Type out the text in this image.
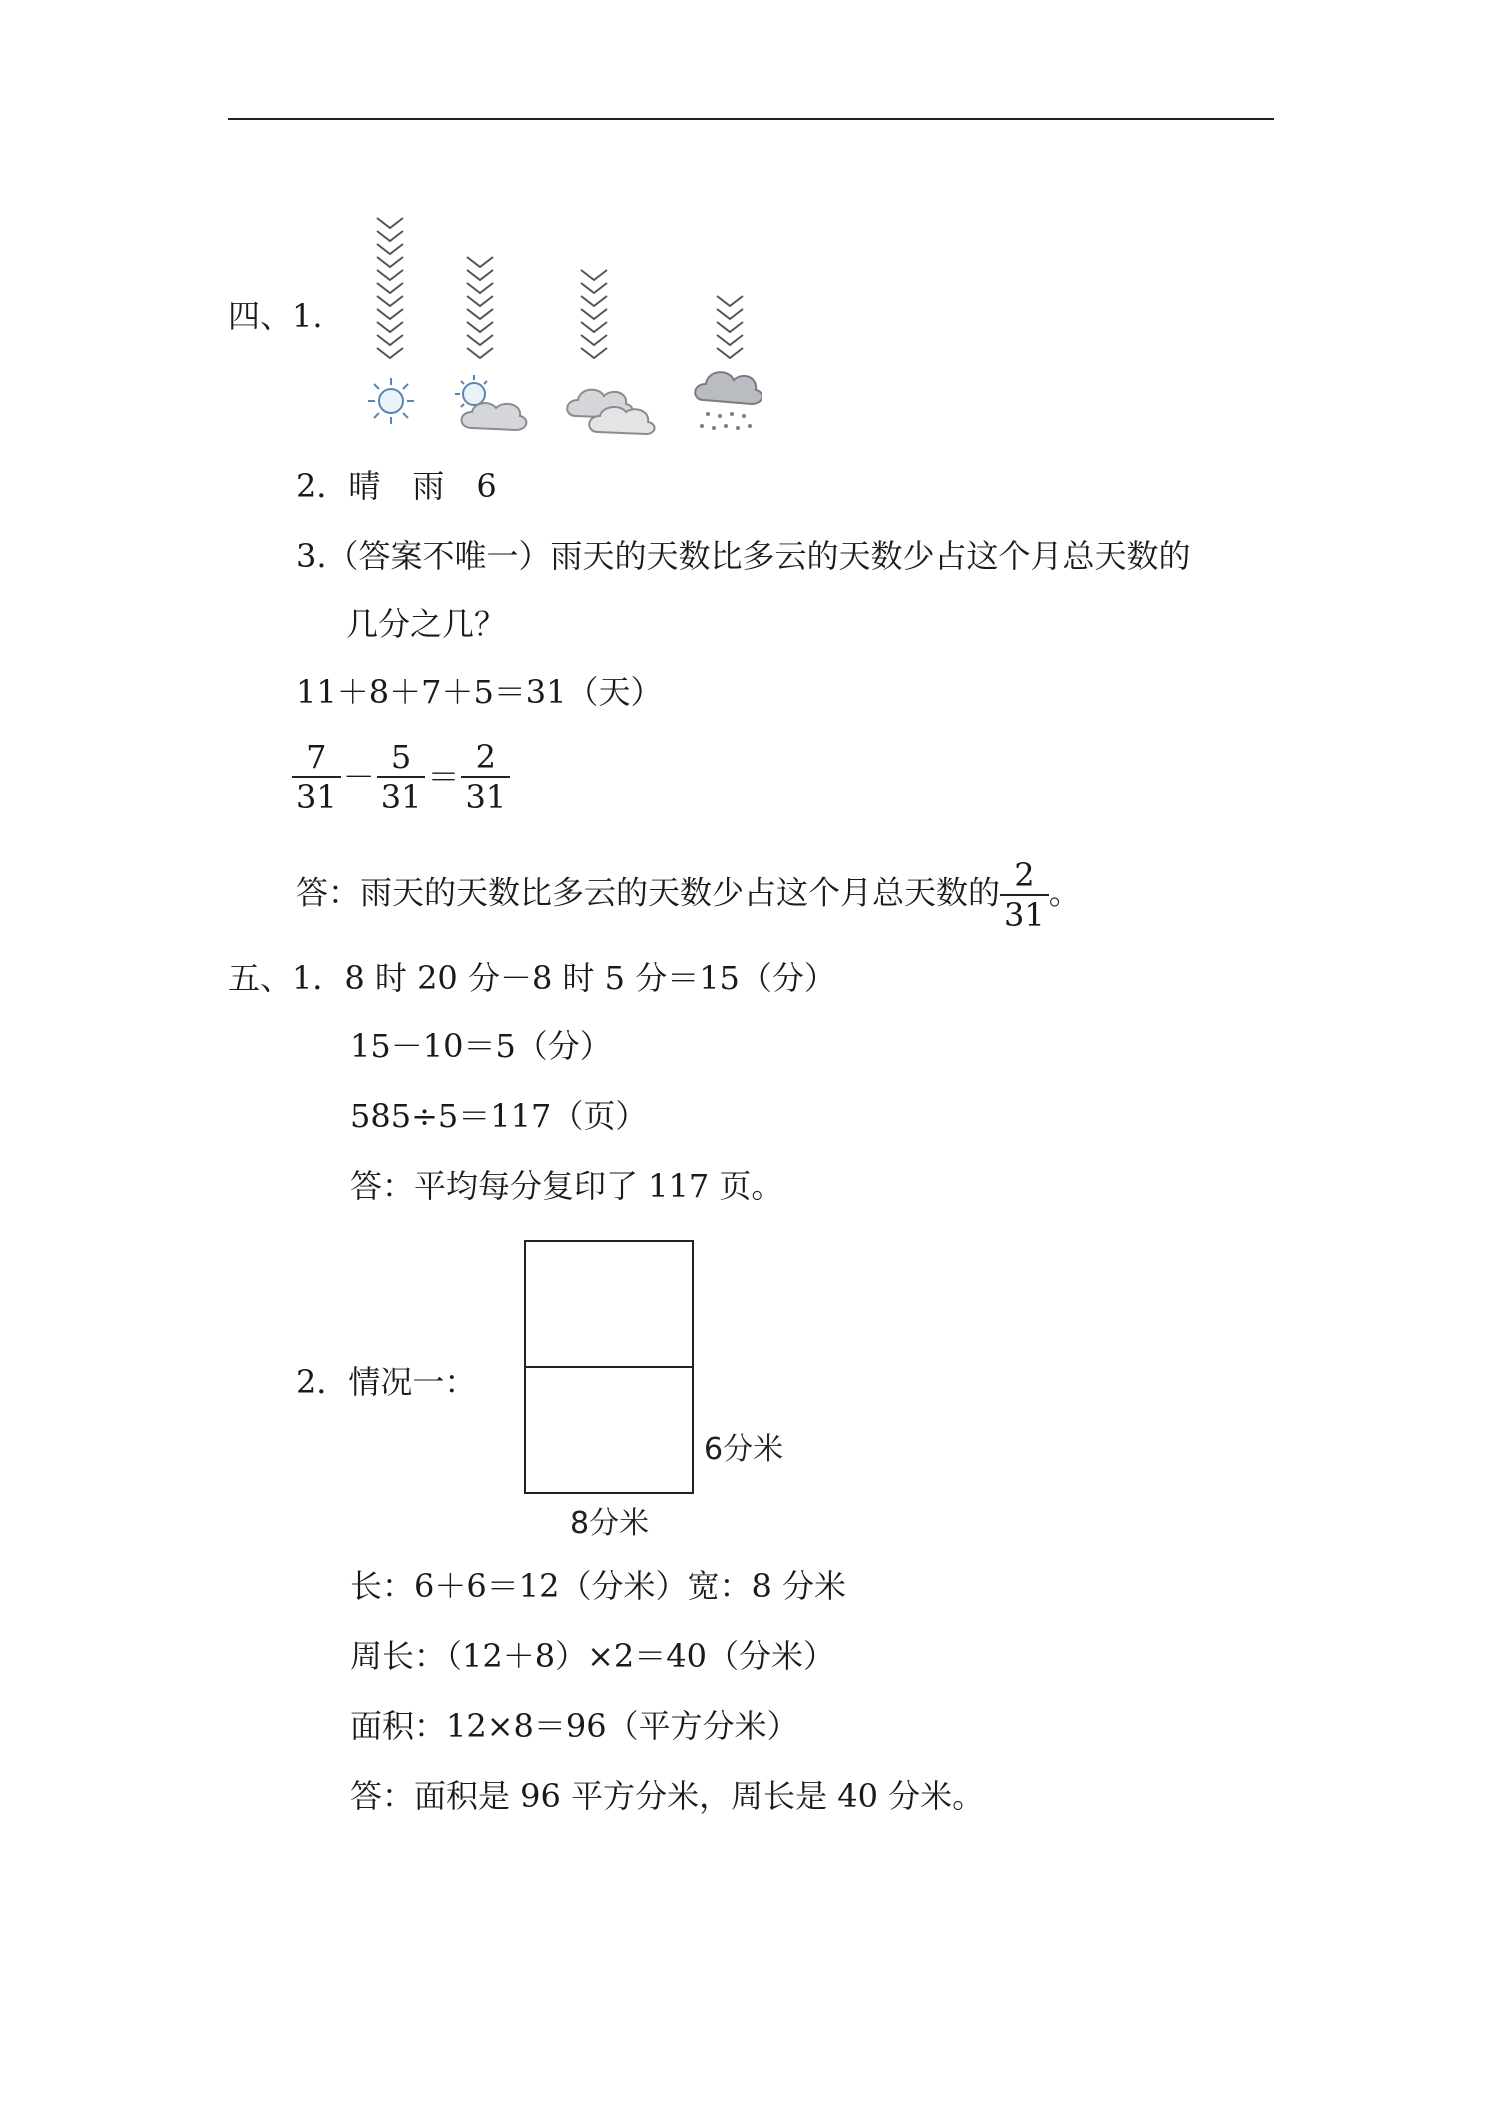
四、1.
2．晴　雨　6
3.（答案不唯一）雨天的天数比多云的天数少占这个月总天数的
几分之几？
11＋8＋7＋5＝31（天）
$\frac{7}{31} - \frac{5}{31} = \frac{2}{31}$
答：雨天的天数比多云的天数少占这个月总天数的 $\frac{2}{31}$ 。
五、1．8 时 20 分－8 时 5 分＝15（分）
15－10＝5（分）
585÷5＝117（页）
答：平均每分复印了 117 页。
2．情况一：
6分米
8分米
长：6＋6＝12（分米）宽：8 分米
周长：（12＋8）×2＝40（分米）
面积：12×8＝96（平方分米）
答：面积是 96 平方分米，周长是 40 分米。
